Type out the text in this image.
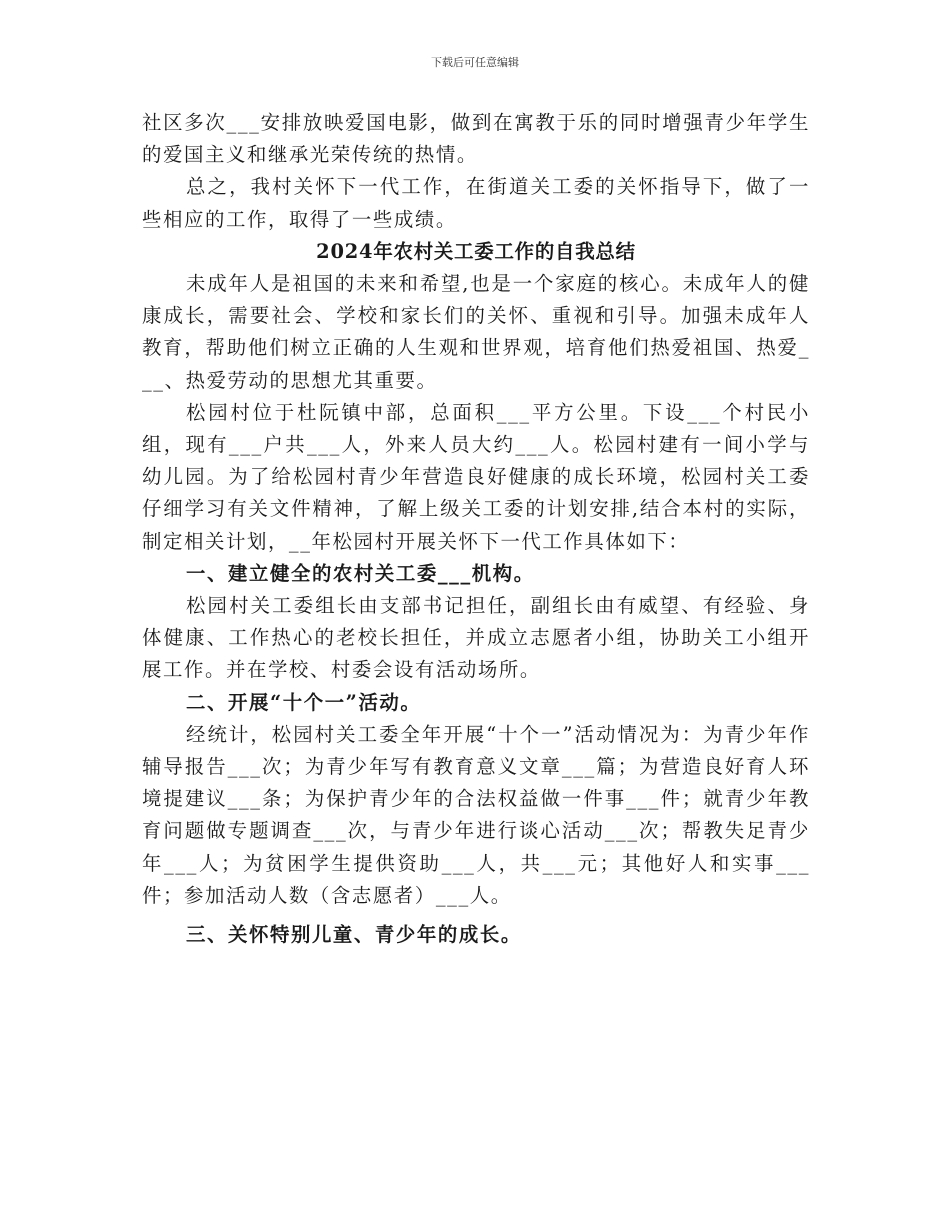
下载后可任意编辑

社区多次___安排放映爱国电影，做到在寓教于乐的同时增强青少年学生的爱国主义和继承光荣传统的热情。

总之，我村关怀下一代工作，在街道关工委的关怀指导下，做了一些相应的工作，取得了一些成绩。

2024年农村关工委工作的自我总结

未成年人是祖国的未来和希望,也是一个家庭的核心。未成年人的健康成长，需要社会、学校和家长们的关怀、重视和引导。加强未成年人教育，帮助他们树立正确的人生观和世界观，培育他们热爱祖国、热爱___、热爱劳动的思想尤其重要。

松园村位于杜阮镇中部，总面积___平方公里。下设___个村民小组，现有___户共___人，外来人员大约___人。松园村建有一间小学与幼儿园。为了给松园村青少年营造良好健康的成长环境，松园村关工委仔细学习有关文件精神，了解上级关工委的计划安排,结合本村的实际，制定相关计划，__年松园村开展关怀下一代工作具体如下：

一、建立健全的农村关工委___机构。

松园村关工委组长由支部书记担任，副组长由有威望、有经验、身体健康、工作热心的老校长担任，并成立志愿者小组，协助关工小组开展工作。并在学校、村委会设有活动场所。

二、开展“十个一”活动。

经统计，松园村关工委全年开展“十个一”活动情况为：为青少年作辅导报告___次；为青少年写有教育意义文章___篇；为营造良好育人环境提建议___条；为保护青少年的合法权益做一件事___件；就青少年教育问题做专题调查___次，与青少年进行谈心活动___次；帮教失足青少年___人；为贫困学生提供资助___人，共___元；其他好人和实事___件；参加活动人数（含志愿者）___人。

三、关怀特别儿童、青少年的成长。
